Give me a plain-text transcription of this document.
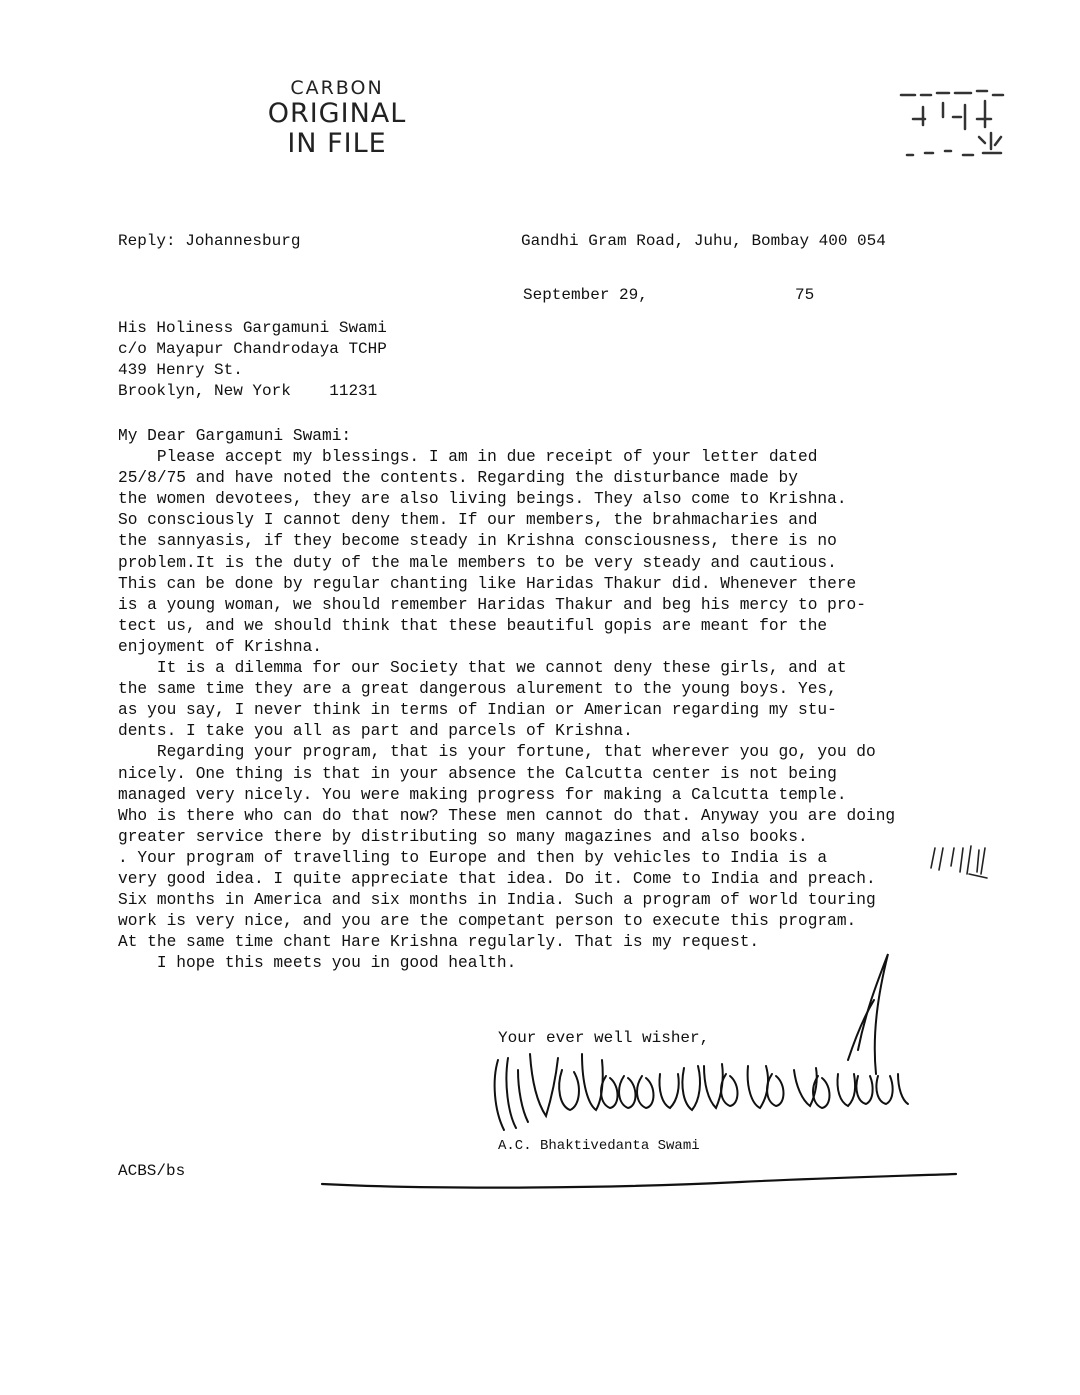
CARBON
ORIGINAL
IN FILE
Reply: Johannesburg	Gandhi Gram Road, Juhu, Bombay 400 054
September 29,	75
His Holiness Gargamuni Swami
c/o Mayapur Chandrodaya TCHP
439 Henry St.
Brooklyn, New York    11231
My Dear Gargamuni Swami:
Please accept my blessings. I am in due receipt of your letter dated
25/8/75 and have noted the contents. Regarding the disturbance made by
the women devotees, they are also living beings. They also come to Krishna.
So consciously I cannot deny them. If our members, the brahmacharies and
the sannyasis, if they become steady in Krishna consciousness, there is no
problem.It is the duty of the male members to be very steady and cautious.
This can be done by regular chanting like Haridas Thakur did. Whenever there
is a young woman, we should remember Haridas Thakur and beg his mercy to pro-
tect us, and we should think that these beautiful gopis are meant for the
enjoyment of Krishna.
It is a dilemma for our Society that we cannot deny these girls, and at
the same time they are a great dangerous alurement to the young boys. Yes,
as you say, I never think in terms of Indian or American regarding my stu-
dents. I take you all as part and parcels of Krishna.
Regarding your program, that is your fortune, that wherever you go, you do
nicely. One thing is that in your absence the Calcutta center is not being
managed very nicely. You were making progress for making a Calcutta temple.
Who is there who can do that now? These men cannot do that. Anyway you are doing
greater service there by distributing so many magazines and also books.
. Your program of travelling to Europe and then by vehicles to India is a
very good idea. I quite appreciate that idea. Do it. Come to India and preach.
Six months in America and six months in India. Such a program of world touring
work is very nice, and you are the competant person to execute this program.
At the same time chant Hare Krishna regularly. That is my request.
I hope this meets you in good health.
Your ever well wisher,
A.C. Bhaktivedanta Swami
ACBS/bs
